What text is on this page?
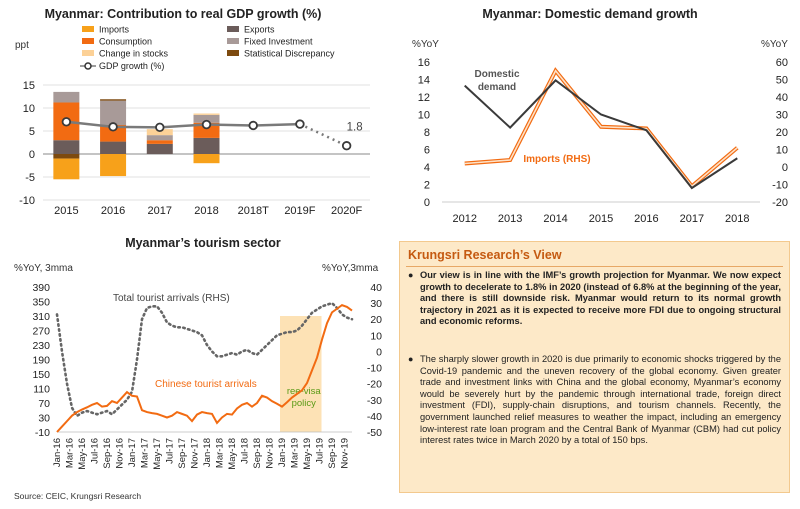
Myanmar: Contribution to real GDP growth (%)
ppt
Imports	Exports
Consumption	Fixed Investment
Change in stocks	Statistical Discrepancy
GDP growth (%)
1.8
-10
-5
0
5
10
15
2015 2016 2017 2018 2018T 2019F 2020F
Myanmar: Domestic demand growth
%YoY	%YoY
0
2
4
6
8
10
12
14
16
-20
-10
0
10
20
30
40
50
60
2012 2013 2014 2015 2016 2017 2018
Domestic
demand
Imports (RHS)
Myanmar’s tourism sector
%YoY, 3mma	%YoY,3mma
ree-visa
policy
-10
30
70
110
150
190
230
270
310
350
390
-50
-40
-30
-20
-10
0
10
20
30
40
Jan-16 Mar-16 May-16 Jul-16 Sep-16 Nov-16 Jan-17 Mar-17 May-17 Jul-17 Sep-17 Nov-17 Jan-18 Mar-18 May-18 Jul-18 Sep-18 Nov-18 Jan-19 Mar-19 May-19 Jul-19 Sep-19 Nov-19
Total tourist arrivals (RHS)
Chinese tourist arrivals
Krungsri Research’s View
● Our view is in line with the IMF’s growth projection for Myanmar. We now expect growth to decelerate to 1.8% in 2020 (instead of 6.8% at the beginning of the year, and there is still downside risk. Myanmar would return to its normal growth trajectory in 2021 as it is expected to receive more FDI due to ongoing structural and economic reforms.
● The sharply slower growth in 2020 is due primarily to economic shocks triggered by the Covid-19 pandemic and the uneven recovery of the global economy. Given greater trade and investment links with China and the global economy, Myanmar’s economy would be severely hurt by the pandemic through international trade, foreign direct investment (FDI), supply-chain disruptions, and tourism channels. Recently, the government launched relief measures to weather the impact, including an emergency low-interest rate loan program and the Central Bank of Myanmar (CBM) had cut policy interest rates twice in March 2020 by a total of 150 bps.
Source: CEIC, Krungsri Research
